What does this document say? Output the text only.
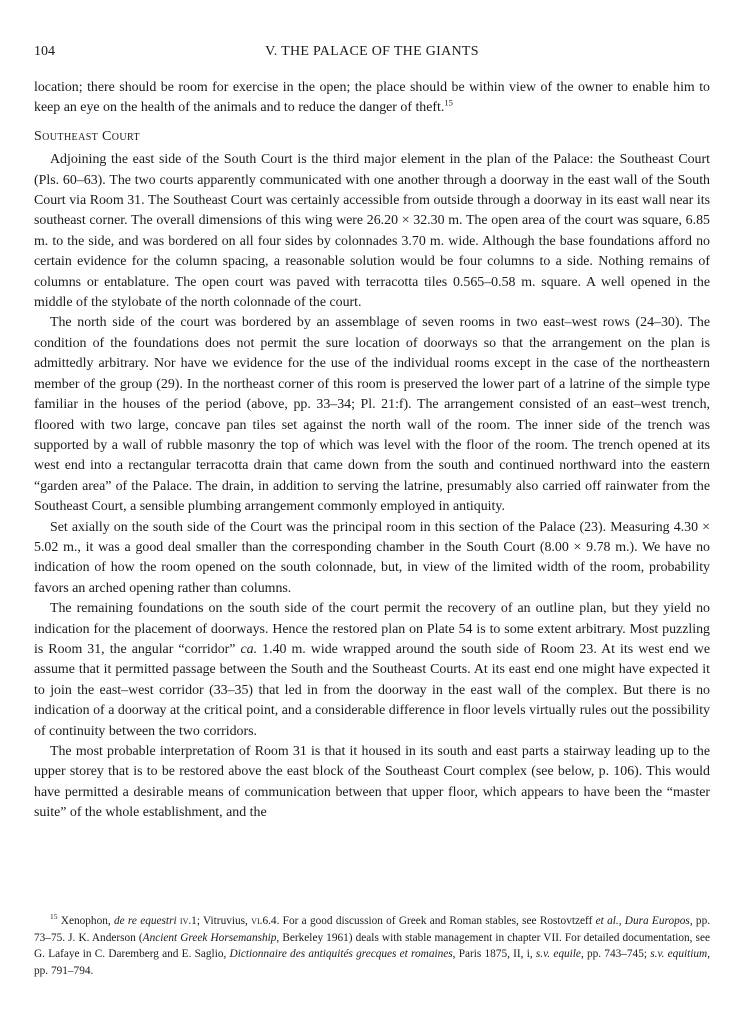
104	V. THE PALACE OF THE GIANTS

location; there should be room for exercise in the open; the place should be within view of the owner to enable him to keep an eye on the health of the animals and to reduce the danger of theft.$^{15}$

Southeast Court

Adjoining the east side of the South Court is the third major element in the plan of the Palace: the Southeast Court (Pls. 60–63). The two courts apparently communicated with one another through a doorway in the east wall of the South Court via Room 31. The Southeast Court was certainly accessible from outside through a doorway in its east wall near its southeast corner. The overall dimensions of this wing were 26.20 × 32.30 m. The open area of the court was square, 6.85 m. to the side, and was bordered on all four sides by colonnades 3.70 m. wide. Although the base foundations afford no certain evidence for the column spacing, a reasonable solution would be four columns to a side. Nothing remains of columns or entablature. The open court was paved with terracotta tiles 0.565–0.58 m. square. A well opened in the middle of the stylobate of the north colonnade of the court.

The north side of the court was bordered by an assemblage of seven rooms in two east–west rows (24–30). The condition of the foundations does not permit the sure location of doorways so that the arrangement on the plan is admittedly arbitrary. Nor have we evidence for the use of the individual rooms except in the case of the northeastern member of the group (29). In the northeast corner of this room is preserved the lower part of a latrine of the simple type familiar in the houses of the period (above, pp. 33–34; Pl. 21:f). The arrangement consisted of an east–west trench, floored with two large, concave pan tiles set against the north wall of the room. The inner side of the trench was supported by a wall of rubble masonry the top of which was level with the floor of the room. The trench opened at its west end into a rectangular terracotta drain that came down from the south and continued northward into the eastern “garden area” of the Palace. The drain, in addition to serving the latrine, presumably also carried off rainwater from the Southeast Court, a sensible plumbing arrangement commonly employed in antiquity.

Set axially on the south side of the Court was the principal room in this section of the Palace (23). Measuring 4.30 × 5.02 m., it was a good deal smaller than the corresponding chamber in the South Court (8.00 × 9.78 m.). We have no indication of how the room opened on the south colonnade, but, in view of the limited width of the room, probability favors an arched opening rather than columns.

The remaining foundations on the south side of the court permit the recovery of an outline plan, but they yield no indication for the placement of doorways. Hence the restored plan on Plate 54 is to some extent arbitrary. Most puzzling is Room 31, the angular “corridor” ca. 1.40 m. wide wrapped around the south side of Room 23. At its west end we assume that it permitted passage between the South and the Southeast Courts. At its east end one might have expected it to join the east–west corridor (33–35) that led in from the doorway in the east wall of the complex. But there is no indication of a doorway at the critical point, and a considerable difference in floor levels virtually rules out the possibility of continuity between the two corridors.

The most probable interpretation of Room 31 is that it housed in its south and east parts a stairway leading up to the upper storey that is to be restored above the east block of the Southeast Court complex (see below, p. 106). This would have permitted a desirable means of communication between that upper floor, which appears to have been the “master suite” of the whole establishment, and the

$^{15}$ Xenophon, de re equestri iv.1; Vitruvius, vi.6.4. For a good discussion of Greek and Roman stables, see Rostovtzeff et al., Dura Europos, pp. 73–75. J. K. Anderson (Ancient Greek Horsemanship, Berkeley 1961) deals with stable management in chapter VII. For detailed documentation, see G. Lafaye in C. Daremberg and E. Saglio, Dictionnaire des antiquités grecques et romaines, Paris 1875, II, i, s.v. equile, pp. 743–745; s.v. equitium, pp. 791–794.
